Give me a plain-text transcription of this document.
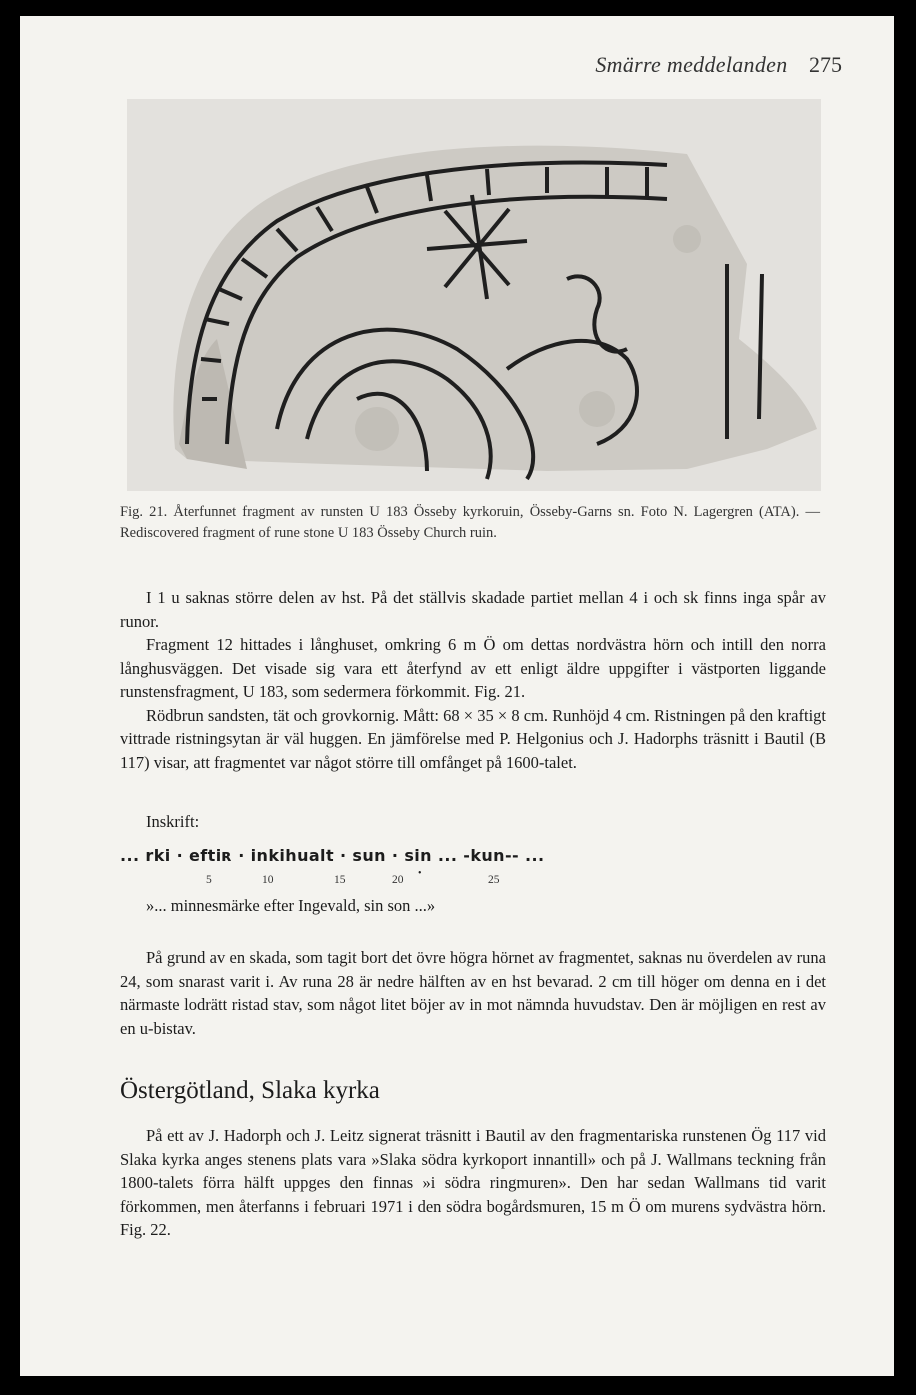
Smärre meddelanden 275
Fig. 21. Återfunnet fragment av runsten U 183 Össeby kyrkoruin, Össeby-Garns sn. Foto N. Lagergren (ATA). — Rediscovered fragment of rune stone U 183 Össeby Church ruin.

I 1 u saknas större delen av hst. På det ställvis skadade partiet mellan 4 i och sk finns inga spår av runor.

Fragment 12 hittades i långhuset, omkring 6 m Ö om dettas nordvästra hörn och intill den norra långhusväggen. Det visade sig vara ett återfynd av ett enligt äldre uppgifter i västporten liggande runstensfragment, U 183, som sedermera förkommit. Fig. 21.

Rödbrun sandsten, tät och grovkornig. Mått: 68 × 35 × 8 cm. Runhöjd 4 cm. Ristningen på den kraftigt vittrade ristningsytan är väl huggen. En jämförelse med P. Helgonius och J. Hadorphs träsnitt i Bautil (B 117) visar, att fragmentet var något större till omfånget på 1600-talet.

Inskrift:
... rki · eftiʀ · inkihualt · sun · sin ... -kun-- ...
•
5	10	15	20	25
»... minnesmärke efter Ingevald, sin son ...»

På grund av en skada, som tagit bort det övre högra hörnet av fragmentet, saknas nu överdelen av runa 24, som snarast varit i. Av runa 28 är nedre hälften av en hst bevarad. 2 cm till höger om denna en i det närmaste lodrätt ristad stav, som något litet böjer av in mot nämnda huvudstav. Den är möjligen en rest av en u-bistav.

Östergötland, Slaka kyrka

På ett av J. Hadorph och J. Leitz signerat träsnitt i Bautil av den fragmentariska runstenen Ög 117 vid Slaka kyrka anges stenens plats vara »Slaka södra kyrkoport innantill» och på J. Wallmans teckning från 1800-talets förra hälft uppges den finnas »i södra ringmuren». Den har sedan Wallmans tid varit förkommen, men återfanns i februari 1971 i den södra bogårdsmuren, 15 m Ö om murens sydvästra hörn. Fig. 22.
